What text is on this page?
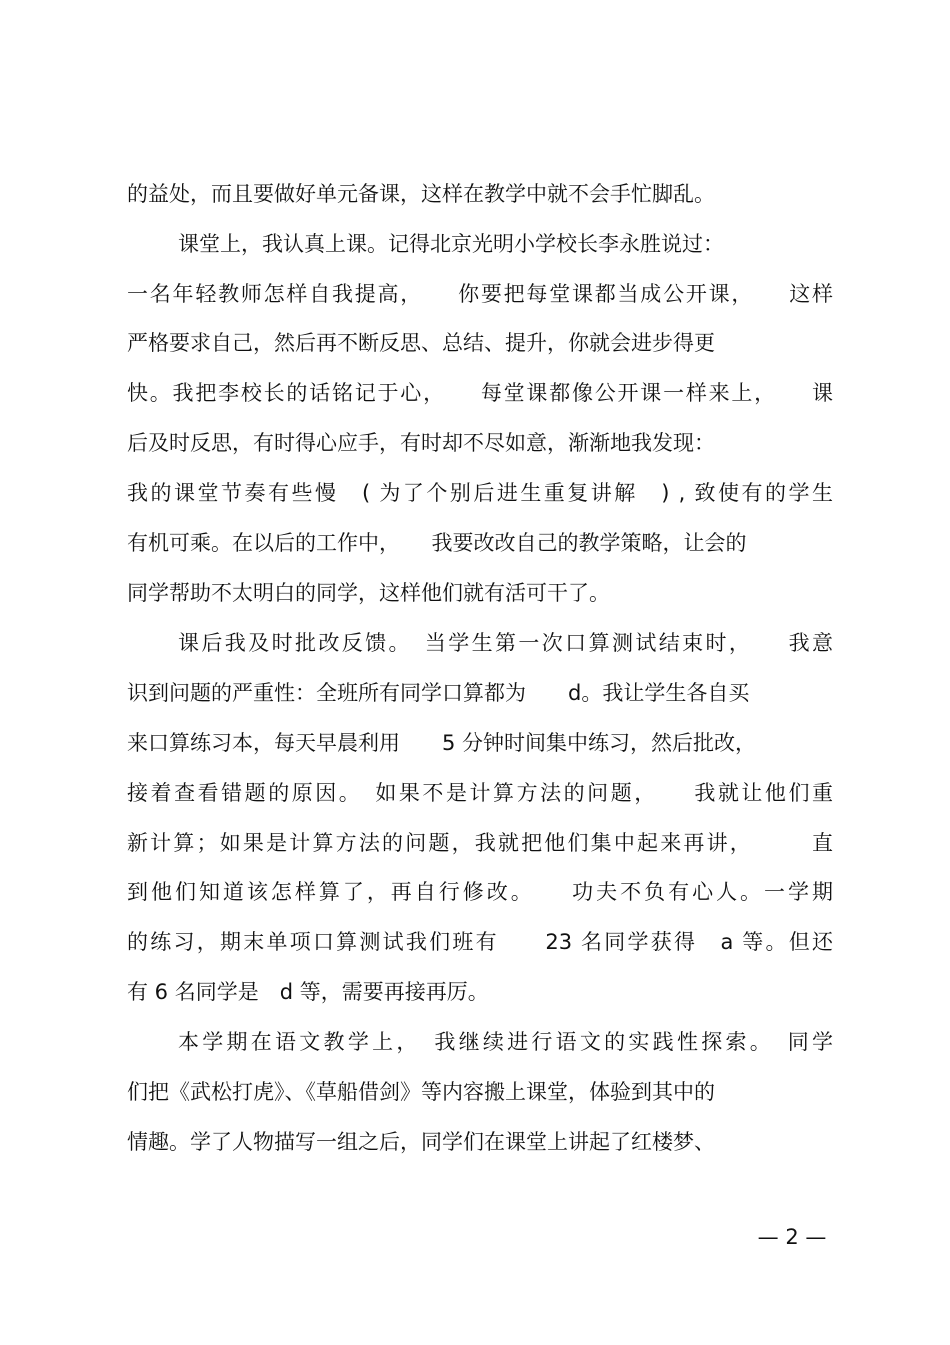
的益处，而且要做好单元备课，这样在教学中就不会手忙脚乱。
课堂上，我认真上课。记得北京光明小学校长李永胜说过：
一名年轻教师怎样自我提高，　　你要把每堂课都当成公开课，　　这样
严格要求自己，然后再不断反思、总结、提升，你就会进步得更
快。我把李校长的话铭记于心，　　每堂课都像公开课一样来上，　　课
后及时反思，有时得心应手，有时却不尽如意，渐渐地我发现：
我的课堂节奏有些慢　( 为了个别后进生重复讲解　) , 致使有的学生
有机可乘。在以后的工作中，　　我要改改自己的教学策略，让会的
同学帮助不太明白的同学，这样他们就有活可干了。
课后我及时批改反馈。　当学生第一次口算测试结束时，　　我意
识到问题的严重性：全班所有同学口算都为　　d。我让学生各自买
来口算练习本，每天早晨利用　　5 分钟时间集中练习，然后批改，
接着查看错题的原因。　如果不是计算方法的问题，　　我就让他们重
新计算；如果是计算方法的问题，我就把他们集中起来再讲，　　　直
到他们知道该怎样算了，再自行修改。　　功夫不负有心人。一学期
的练习，期末单项口算测试我们班有　　23 名同学获得　a 等。但还
有 6 名同学是　d 等，需要再接再厉。
本学期在语文教学上，　我继续进行语文的实践性探索。　同学
们把《武松打虎》、《草船借剑》等内容搬上课堂，体验到其中的
情趣。学了人物描写一组之后，同学们在课堂上讲起了红楼梦、
— 2 —
